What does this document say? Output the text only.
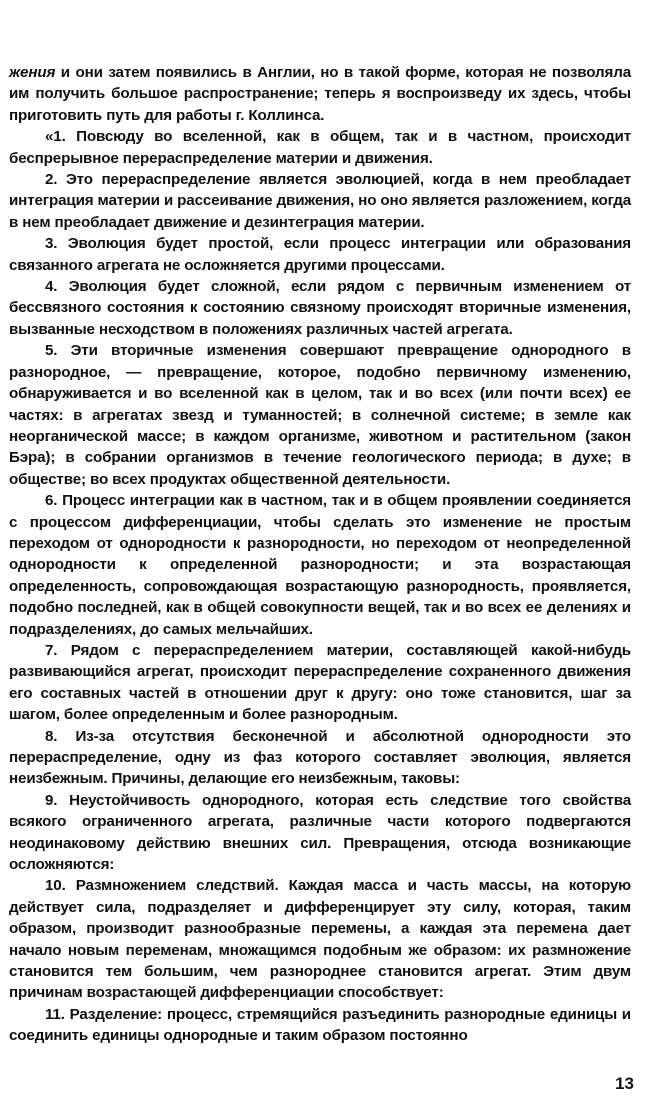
жения и они затем появились в Англии, но в такой форме, которая не позволяла им получить большое распространение; теперь я воспроизведу их здесь, чтобы приготовить путь для работы г. Коллинса.

«1. Повсюду во вселенной, как в общем, так и в частном, происходит беспрерывное перераспределение материи и движения.

2. Это перераспределение является эволюцией, когда в нем преобладает интеграция материи и рассеивание движения, но оно является разложением, когда в нем преобладает движение и дезинтеграция материи.

3. Эволюция будет простой, если процесс интеграции или образования связанного агрегата не осложняется другими процессами.

4. Эволюция будет сложной, если рядом с первичным изменением от бессвязного состояния к состоянию связному происходят вторичные изменения, вызванные несходством в положениях различных частей агрегата.

5. Эти вторичные изменения совершают превращение однородного в разнородное, — превращение, которое, подобно первичному изменению, обнаруживается и во вселенной как в целом, так и во всех (или почти всех) ее частях: в агрегатах звезд и туманностей; в солнечной системе; в земле как неорганической массе; в каждом организме, животном и растительном (закон Бэра); в собрании организмов в течение геологического периода; в духе; в обществе; во всех продуктах общественной деятельности.

6. Процесс интеграции как в частном, так и в общем проявлении соединяется с процессом дифференциации, чтобы сделать это изменение не простым переходом от однородности к разнородности, но переходом от неопределенной однородности к определенной разнородности; и эта возрастающая определенность, сопровождающая возрастающую разнородность, проявляется, подобно последней, как в общей совокупности вещей, так и во всех ее делениях и подразделениях, до самых мельчайших.

7. Рядом с перераспределением материи, составляющей какой-нибудь развивающийся агрегат, происходит перераспределение сохраненного движения его составных частей в отношении друг к другу: оно тоже становится, шаг за шагом, более определенным и более разнородным.

8. Из-за отсутствия бесконечной и абсолютной однородности это перераспределение, одну из фаз которого составляет эволюция, является неизбежным. Причины, делающие его неизбежным, таковы:

9. Неустойчивость однородного, которая есть следствие того свойства всякого ограниченного агрегата, различные части которого подвергаются неодинаковому действию внешних сил. Превращения, отсюда возникающие осложняются:

10. Размножением следствий. Каждая масса и часть массы, на которую действует сила, подразделяет и дифференцирует эту силу, которая, таким образом, производит разнообразные перемены, а каждая эта перемена дает начало новым переменам, множащимся подобным же образом: их размножение становится тем большим, чем разнороднее становится агрегат. Этим двум причинам возрастающей дифференциации способствует:

11. Разделение: процесс, стремящийся разъединить разнородные единицы и соединить единицы однородные и таким образом постоянно

13
